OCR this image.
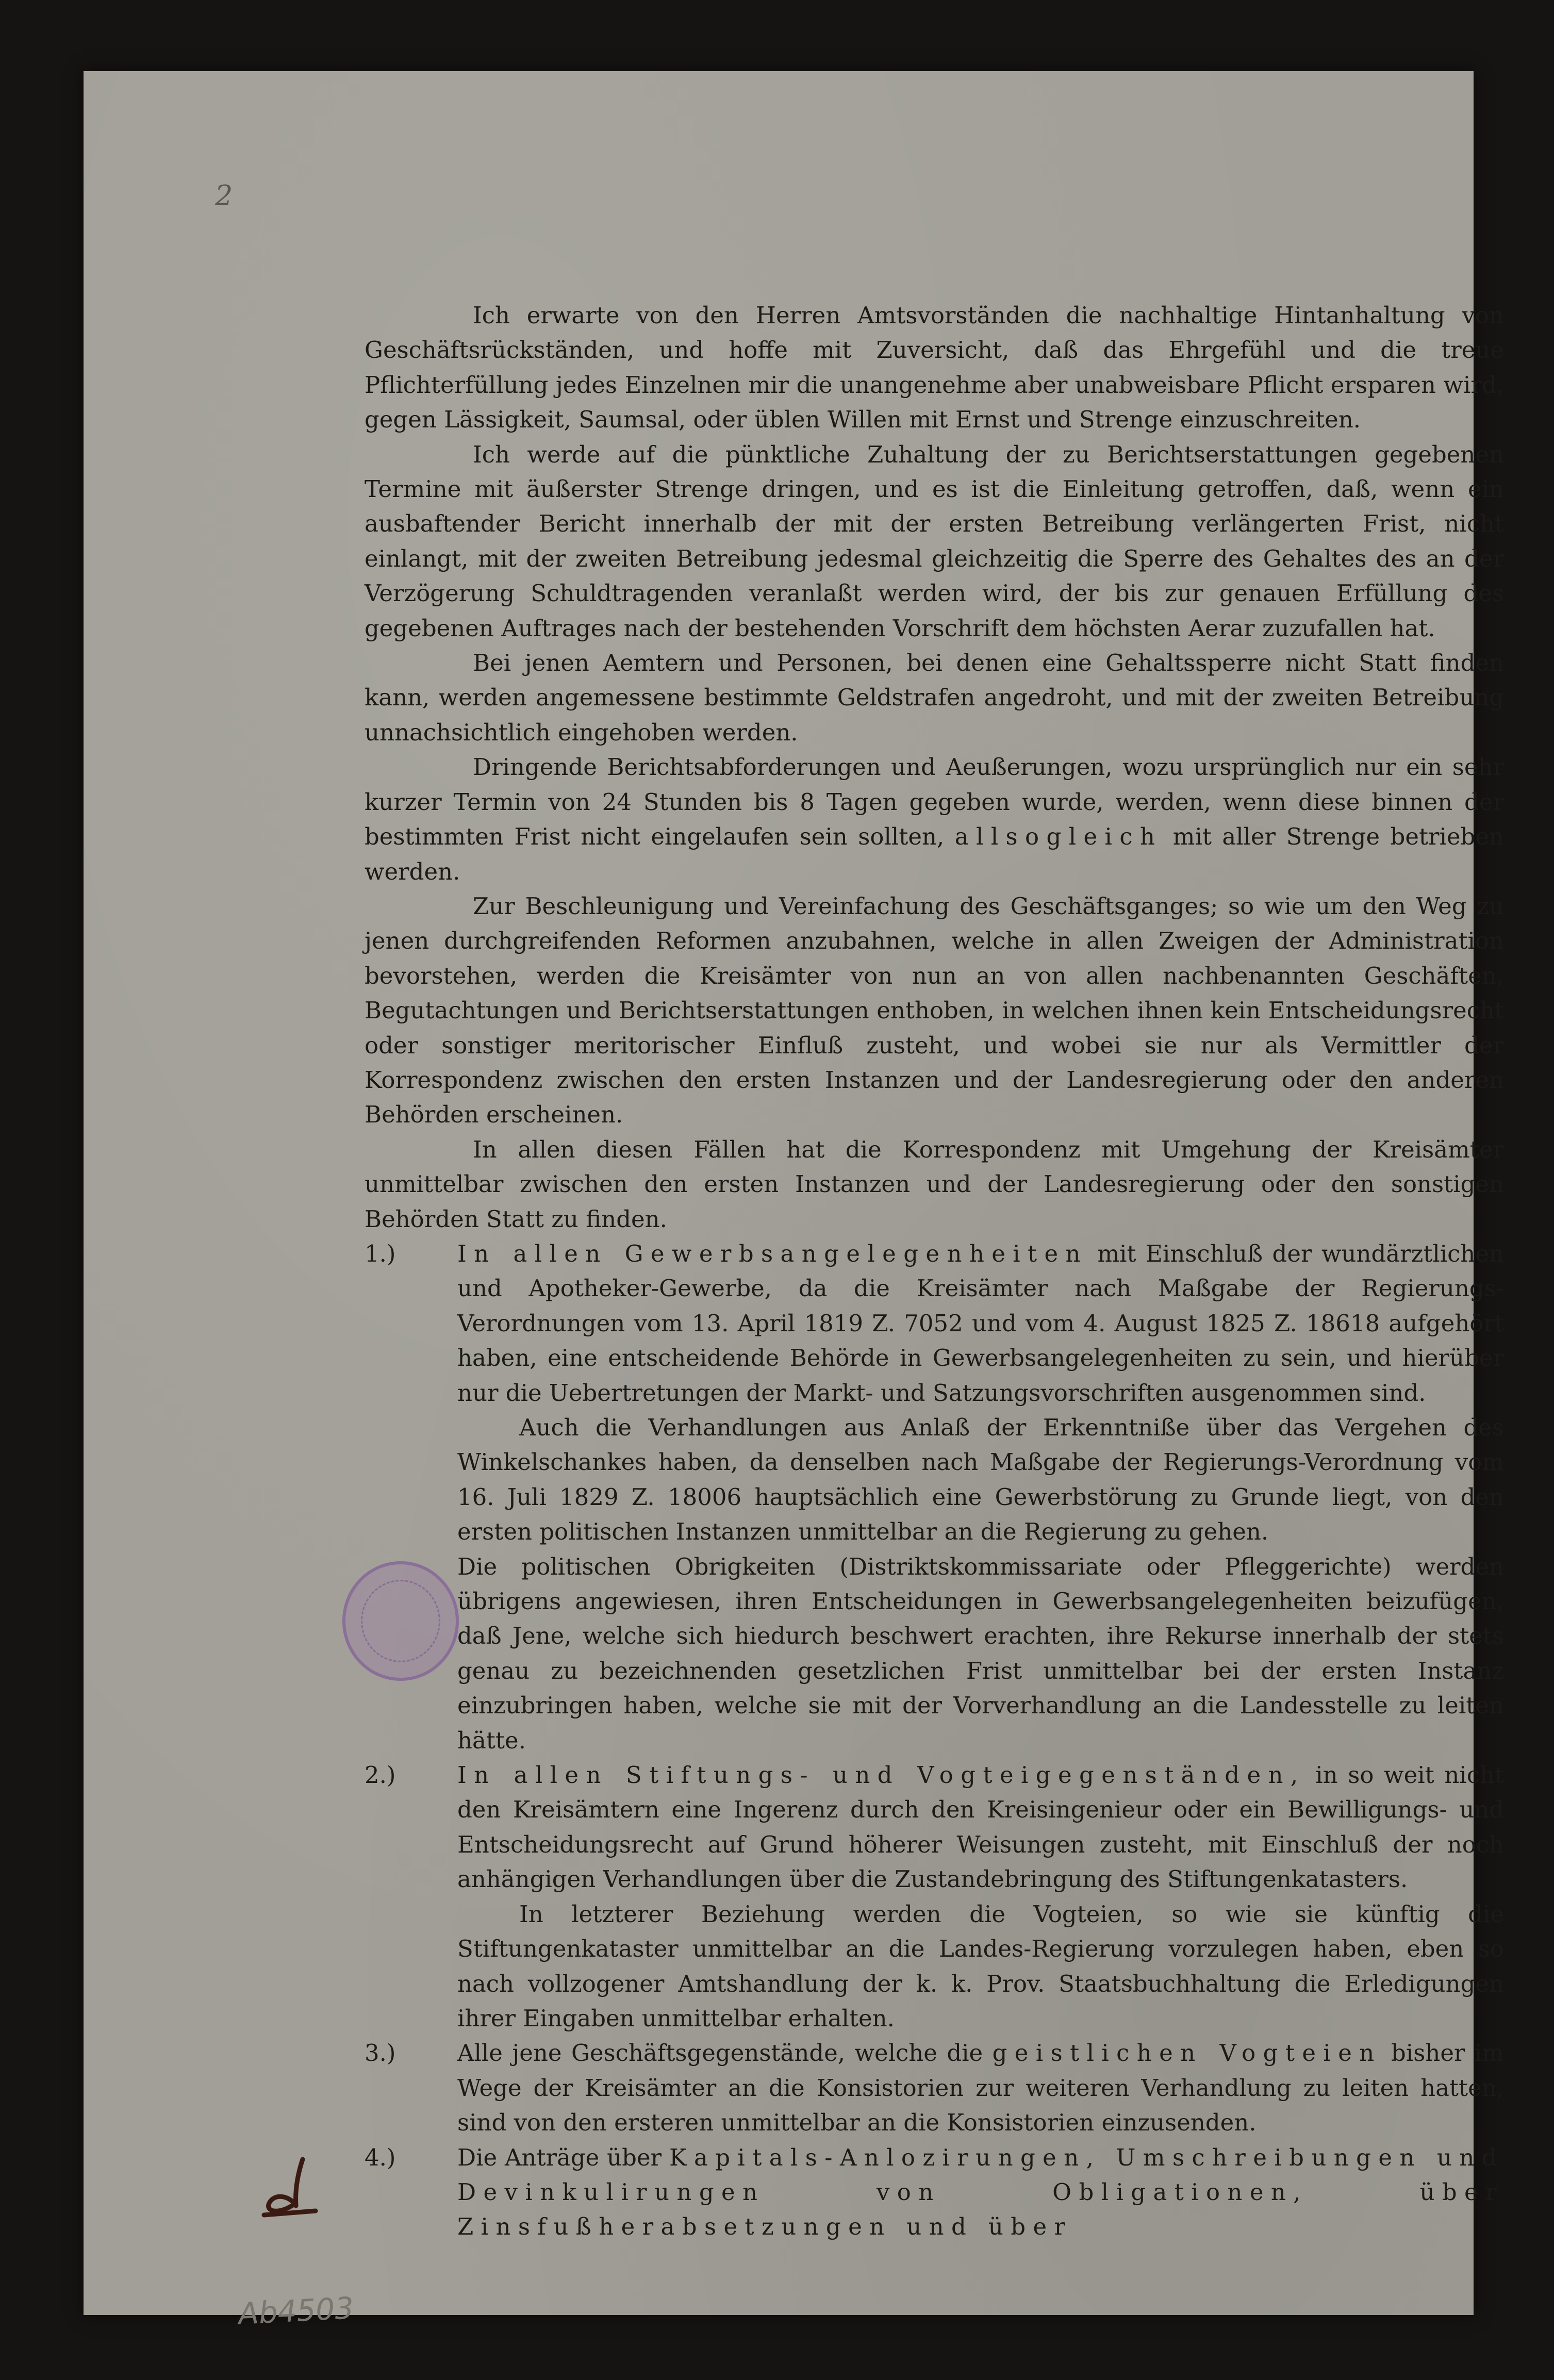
2

Ich erwarte von den Herren Amtsvorständen die nachhaltige Hintanhaltung von Geschäftsrückständen, und hoffe mit Zuversicht, daß das Ehrgefühl und die treue Pflichterfüllung jedes Einzelnen mir die unangenehme aber unabweisbare Pflicht ersparen wird, gegen Lässigkeit, Saumsal, oder üblen Willen mit Ernst und Strenge einzuschreiten.

Ich werde auf die pünktliche Zuhaltung der zu Berichtserstattungen gegebenen Termine mit äußerster Strenge dringen, und es ist die Einleitung getroffen, daß, wenn ein ausbaftender Bericht innerhalb der mit der ersten Betreibung verlängerten Frist, nicht einlangt, mit der zweiten Betreibung jedesmal gleichzeitig die Sperre des Gehaltes des an der Verzögerung Schuldtragenden veranlaßt werden wird, der bis zur genauen Erfüllung des gegebenen Auftrages nach der bestehenden Vorschrift dem höchsten Aerar zuzufallen hat.

Bei jenen Aemtern und Personen, bei denen eine Gehaltssperre nicht Statt finden kann, werden angemessene bestimmte Geldstrafen angedroht, und mit der zweiten Betreibung unnachsichtlich eingehoben werden.

Dringende Berichtsabforderungen und Aeußerungen, wozu ursprünglich nur ein sehr kurzer Termin von 24 Stunden bis 8 Tagen gegeben wurde, werden, wenn diese binnen der bestimmten Frist nicht eingelaufen sein sollten, allsogleich mit aller Strenge betrieben werden.

Zur Beschleunigung und Vereinfachung des Geschäftsganges; so wie um den Weg zu jenen durchgreifenden Reformen anzubahnen, welche in allen Zweigen der Administration bevorstehen, werden die Kreisämter von nun an von allen nachbenannten Geschäften, Begutachtungen und Berichtserstattungen enthoben, in welchen ihnen kein Entscheidungsrecht oder sonstiger meritorischer Einfluß zusteht, und wobei sie nur als Vermittler der Korrespondenz zwischen den ersten Instanzen und der Landesregierung oder den anderen Behörden erscheinen.

In allen diesen Fällen hat die Korrespondenz mit Umgehung der Kreisämter unmittelbar zwischen den ersten Instanzen und der Landesregierung oder den sonstigen Behörden Statt zu finden.

1.)	In allen Gewerbsangelegenheiten mit Einschluß der wundärztlichen und Apotheker-Gewerbe, da die Kreisämter nach Maßgabe der Regierungs-Verordnungen vom 13. April 1819 Z. 7052 und vom 4. August 1825 Z. 18618 aufgehört haben, eine entscheidende Behörde in Gewerbsangelegenheiten zu sein, und hierüber nur die Uebertretungen der Markt- und Satzungsvorschriften ausgenommen sind.

Auch die Verhandlungen aus Anlaß der Erkenntniße über das Vergehen des Winkelschankes haben, da denselben nach Maßgabe der Regierungs-Verordnung vom 16. Juli 1829 Z. 18006 hauptsächlich eine Gewerbstörung zu Grunde liegt, von den ersten politischen Instanzen unmittelbar an die Regierung zu gehen.

Die politischen Obrigkeiten (Distriktskommissariate oder Pfleggerichte) werden übrigens angewiesen, ihren Entscheidungen in Gewerbsangelegenheiten beizufügen, daß Jene, welche sich hiedurch beschwert erachten, ihre Rekurse innerhalb der stets genau zu bezeichnenden gesetzlichen Frist unmittelbar bei der ersten Instanz einzubringen haben, welche sie mit der Vorverhandlung an die Landesstelle zu leiten hätte.

2.)	In allen Stiftungs- und Vogteigegenständen, in so weit nicht den Kreisämtern eine Ingerenz durch den Kreisingenieur oder ein Bewilligungs- und Entscheidungsrecht auf Grund höherer Weisungen zusteht, mit Einschluß der noch anhängigen Verhandlungen über die Zustandebringung des Stiftungenkatasters.

In letzterer Beziehung werden die Vogteien, so wie sie künftig die Stiftungenkataster unmittelbar an die Landes-Regierung vorzulegen haben, eben so nach vollzogener Amtshandlung der k. k. Prov. Staatsbuchhaltung die Erledigungen ihrer Eingaben unmittelbar erhalten.

3.)	Alle jene Geschäftsgegenstände, welche die geistlichen Vogteien bisher im Wege der Kreisämter an die Konsistorien zur weiteren Verhandlung zu leiten hatten, sind von den ersteren unmittelbar an die Konsistorien einzusenden.

4.)	Die Anträge über Kapitals-Anlozirungen, Umschreibungen und Devinkulirungen von Obligationen, über Zinsfußherabsetzungen und über

Ab4503
